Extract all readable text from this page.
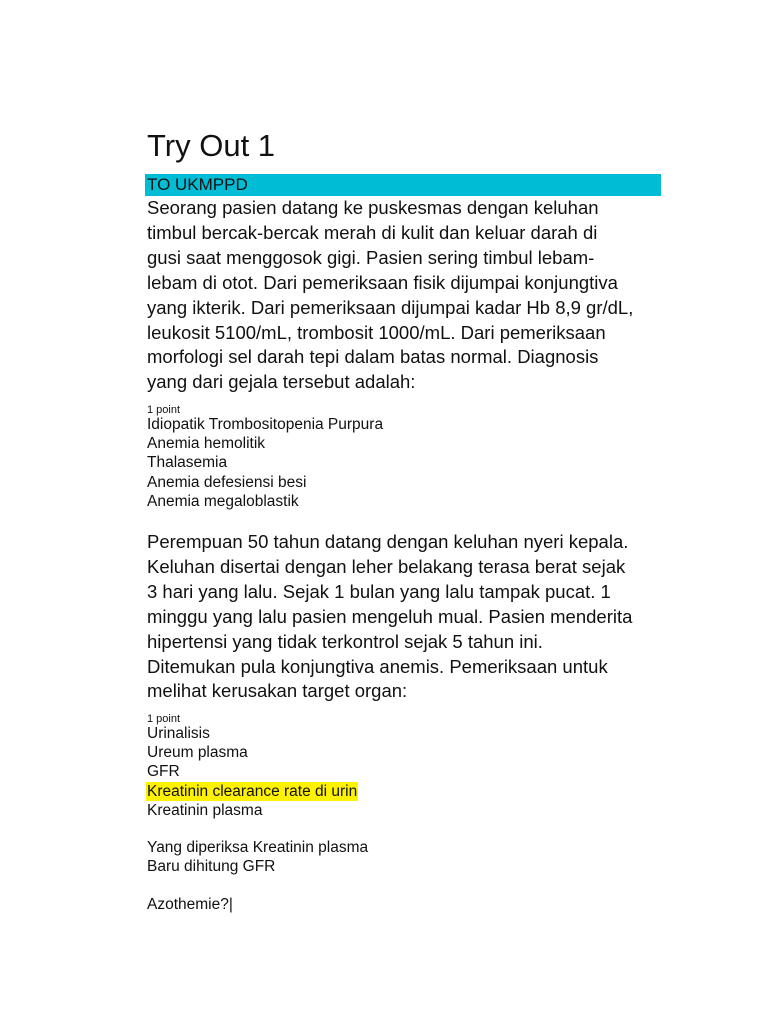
Try Out 1
TO UKMPPD

Seorang pasien datang ke puskesmas dengan keluhan
timbul bercak-bercak merah di kulit dan keluar darah di
gusi saat menggosok gigi. Pasien sering timbul lebam-
lebam di otot. Dari pemeriksaan fisik dijumpai konjungtiva
yang ikterik. Dari pemeriksaan dijumpai kadar Hb 8,9 gr/dL,
leukosit 5100/mL, trombosit 1000/mL. Dari pemeriksaan
morfologi sel darah tepi dalam batas normal. Diagnosis
yang dari gejala tersebut adalah:

1 point
Idiopatik Trombositopenia Purpura
Anemia hemolitik
Thalasemia
Anemia defesiensi besi
Anemia megaloblastik

Perempuan 50 tahun datang dengan keluhan nyeri kepala.
Keluhan disertai dengan leher belakang terasa berat sejak
3 hari yang lalu. Sejak 1 bulan yang lalu tampak pucat. 1
minggu yang lalu pasien mengeluh mual. Pasien menderita
hipertensi yang tidak terkontrol sejak 5 tahun ini.
Ditemukan pula konjungtiva anemis. Pemeriksaan untuk
melihat kerusakan target organ:

1 point
Urinalisis
Ureum plasma
GFR
Kreatinin clearance rate di urin
Kreatinin plasma
Yang diperiksa Kreatinin plasma
Baru dihitung GFR
Azothemie?|
